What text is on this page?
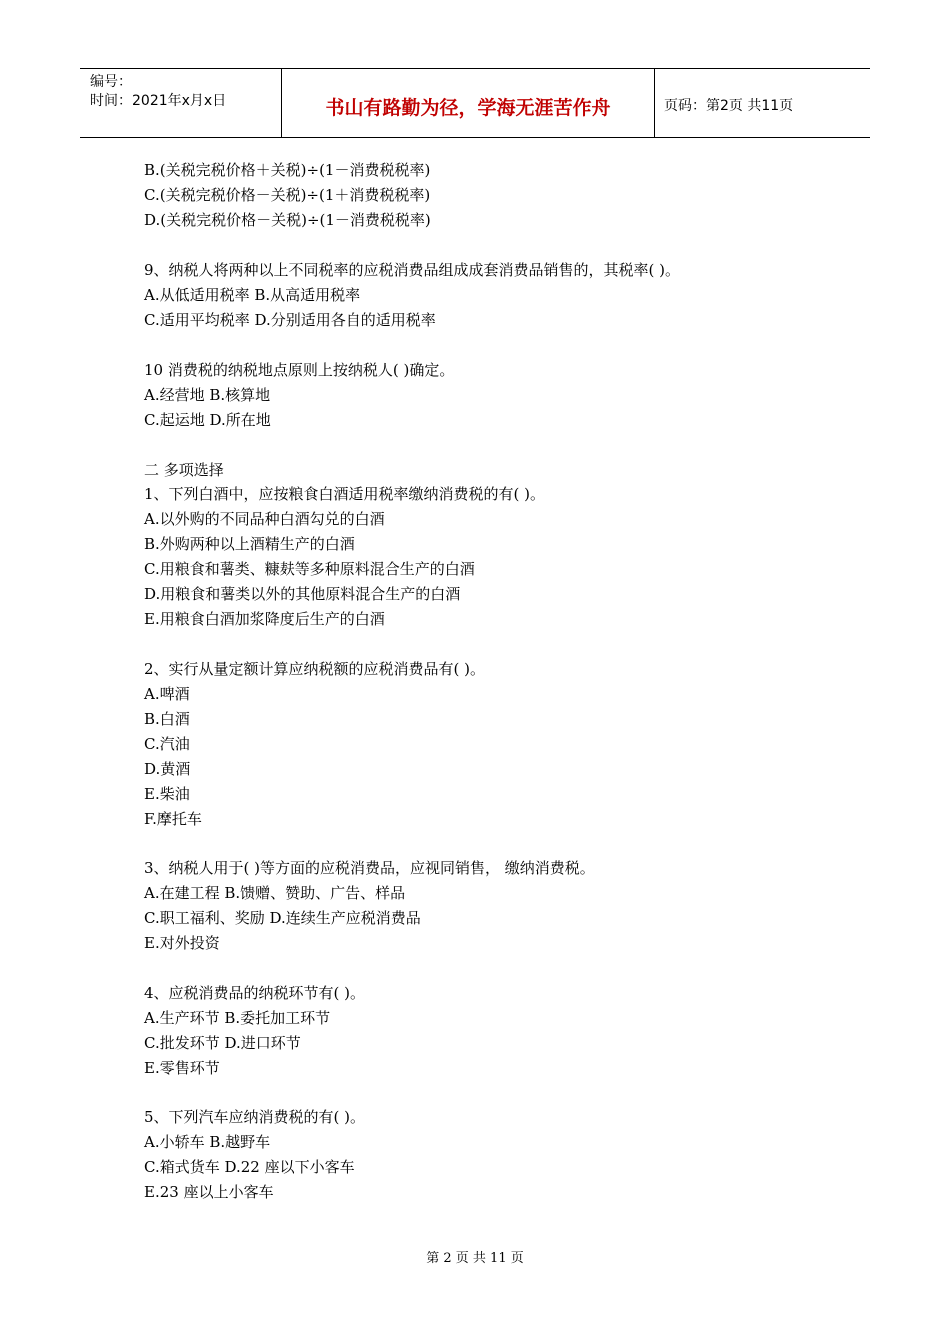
编号：
时间：2021年x月x日	书山有路勤为径，学海无涯苦作舟	页码：第2页 共11页
B.(关税完税价格＋关税)÷(1－消费税税率)
C.(关税完税价格－关税)÷(1＋消费税税率)
D.(关税完税价格－关税)÷(1－消费税税率)
9、纳税人将两种以上不同税率的应税消费品组成成套消费品销售的，其税率( )。
A.从低适用税率 B.从高适用税率
C.适用平均税率 D.分别适用各自的适用税率
10 消费税的纳税地点原则上按纳税人( )确定。
A.经营地 B.核算地
C.起运地 D.所在地
二 多项选择
1、下列白酒中，应按粮食白酒适用税率缴纳消费税的有( )。
A.以外购的不同品种白酒勾兑的白酒
B.外购两种以上酒精生产的白酒
C.用粮食和薯类、糠麸等多种原料混合生产的白酒
D.用粮食和薯类以外的其他原料混合生产的白酒
E.用粮食白酒加浆降度后生产的白酒
2、实行从量定额计算应纳税额的应税消费品有( )。
A.啤酒
B.白酒
C.汽油
D.黄酒
E.柴油
F.摩托车
3、纳税人用于( )等方面的应税消费品，应视同销售， 缴纳消费税。
A.在建工程 B.馈赠、赞助、广告、样品
C.职工福利、奖励 D.连续生产应税消费品
E.对外投资
4、应税消费品的纳税环节有( )。
A.生产环节 B.委托加工环节
C.批发环节 D.进口环节
E.零售环节
5、下列汽车应纳消费税的有( )。
A.小轿车 B.越野车
C.箱式货车 D.22 座以下小客车
E.23 座以上小客车
第 2 页 共 11 页
